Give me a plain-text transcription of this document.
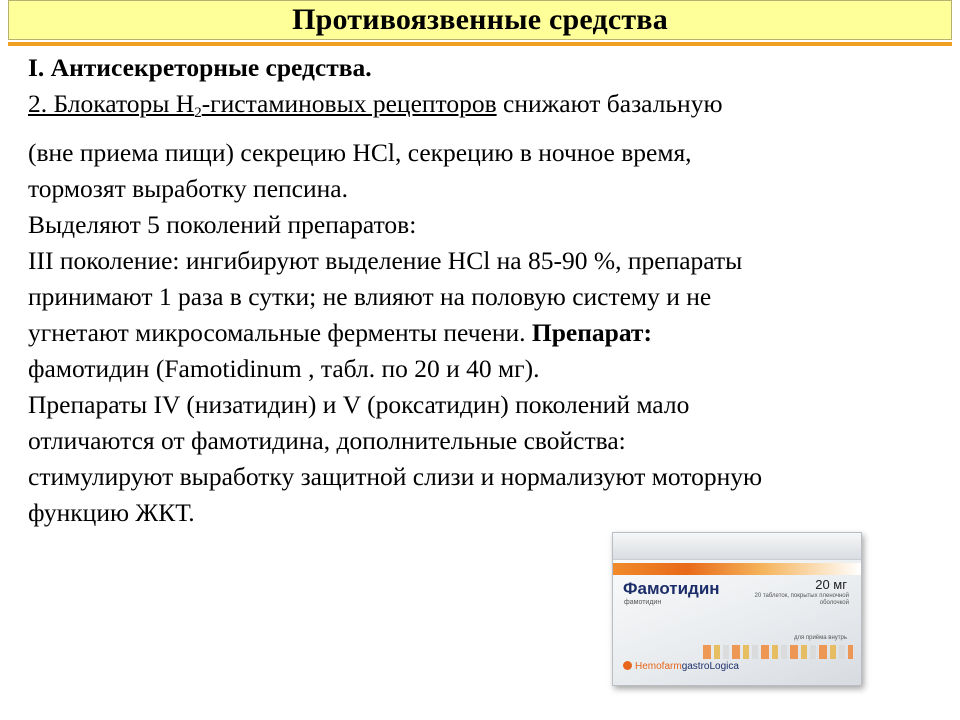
Противоязвенные средства

I. Антисекреторные средства.

2. Блокаторы $Н_2$-гистаминовых рецепторов снижают базальную

(вне приема пищи) секрецию НСl, секрецию в ночное время,

тормозят выработку пепсина.

Выделяют 5 поколений препаратов:

III поколение: ингибируют выделение HCl на 85-90 %, препараты

принимают 1 раза в сутки; не влияют на половую систему и не

угнетают микросомальные ферменты печени. Препарат:

фамотидин (Famotidinum , табл. по 20 и 40 мг).

Препараты IV (низатидин) и V (роксатидин) поколений мало

отличаются от фамотидина, дополнительные свойства:

стимулируют выработку защитной слизи и нормализуют моторную

функцию ЖКТ.

Фамотидин
фамотидин
20 мг
20 таблеток, покрытых пленочной оболочкой
для приёма внутрь
HemofarmgastroLogica
